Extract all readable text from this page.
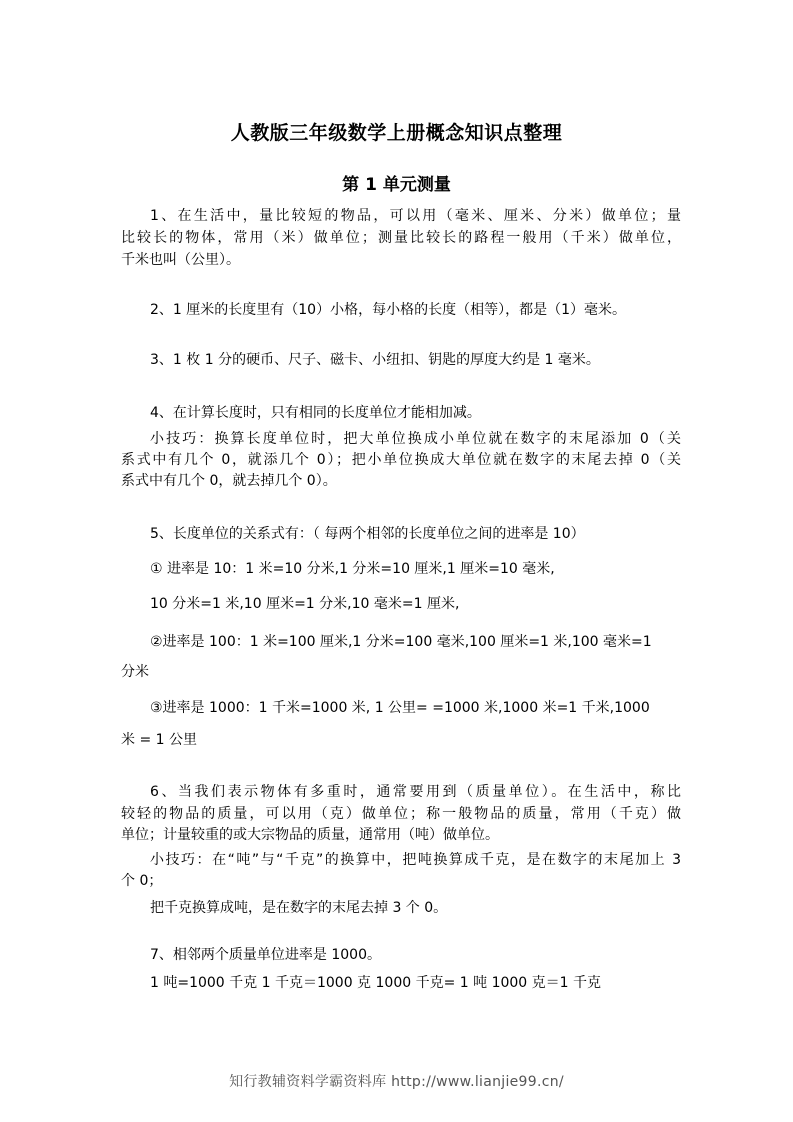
人教版三年级数学上册概念知识点整理
第 1 单元测量
1、在生活中，量比较短的物品，可以用（毫米、厘米、分米）做单位；量
比较长的物体，常用（米）做单位；测量比较长的路程一般用（千米）做单位，
千米也叫（公里）。
2、1 厘米的长度里有（10）小格，每小格的长度（相等），都是（1）毫米。
3、1 枚 1 分的硬币、尺子、磁卡、小纽扣、钥匙的厚度大约是 1 毫米。
4、在计算长度时，只有相同的长度单位才能相加减。
小技巧：换算长度单位时，把大单位换成小单位就在数字的末尾添加 0（关
系式中有几个 0，就添几个 0）；把小单位换成大单位就在数字的末尾去掉 0（关
系式中有几个 0，就去掉几个 0）。
5、长度单位的关系式有：（ 每两个相邻的长度单位之间的进率是 10）
① 进率是 10：1 米=10 分米,1 分米=10 厘米,1 厘米=10 毫米,
10 分米=1 米,10 厘米=1 分米,10 毫米=1 厘米,
②进率是 100：1 米=100 厘米,1 分米=100 毫米,100 厘米=1 米,100 毫米=1
分米
③进率是 1000：1 千米=1000 米, 1 公里= =1000 米,1000 米=1 千米,1000
米 = 1 公里
6、当我们表示物体有多重时，通常要用到（质量单位）。在生活中，称比
较轻的物品的质量，可以用（克）做单位；称一般物品的质量，常用（千克）做
单位；计量较重的或大宗物品的质量，通常用（吨）做单位。
小技巧：在“吨”与“千克”的换算中，把吨换算成千克，是在数字的末尾加上 3
个 0；
把千克换算成吨，是在数字的末尾去掉 3 个 0。
7、相邻两个质量单位进率是 1000。
1 吨=1000 千克 1 千克＝1000 克 1000 千克= 1 吨 1000 克＝1 千克
知行教辅资料学霸资料库 http://www.lianjie99.cn/
